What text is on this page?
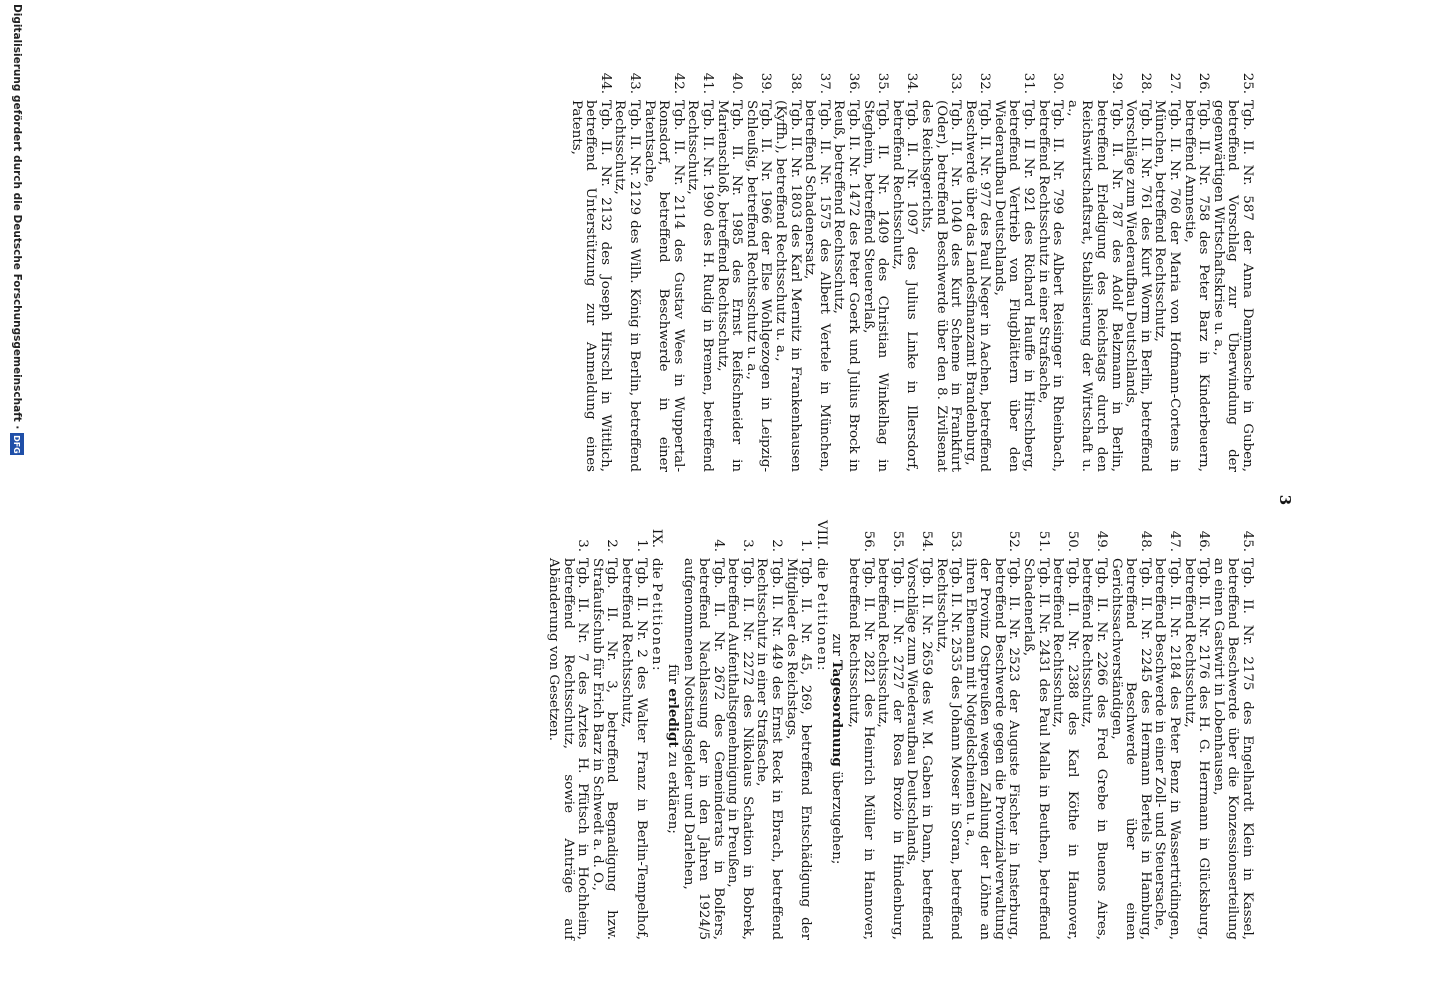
3
25.
Tgb. II. Nr. 587 der Anna Dammasche in Guben, betreffend Vorschlag zur Überwindung der gegenwärtigen Wirtschaftskrise u. a.,
26.
Tgb. II. Nr. 758 des Peter Barz in Kinderbeuern, betreffend Amnestie,
27.
Tgb. II. Nr. 760 der Maria von Hofmann-Cortens in München, betreffend Rechtsschutz,
28.
Tgb. II. Nr. 761 des Kurt Worm in Berlin, betreffend Vorschläge zum Wiederaufbau Deutschlands,
29.
Tgb. II. Nr. 787 des Adolf Belzmann in Berlin, betreffend Erledigung des Reichstags durch den Reichswirtschaftsrat, Stabilisierung der Wirtschaft u. a.,
30.
Tgb. II. Nr. 799 des Albert Reisinger in Rheinbach, betreffend Rechtsschutz in einer Strafsache,
31.
Tgb. II Nr. 921 des Richard Hauffe in Hirschberg, betreffend Vertrieb von Flugblättern über den Wiederaufbau Deutschlands,
32.
Tgb. II. Nr. 977 des Paul Neger in Aachen, betreffend Beschwerde über das Landesfinanzamt Brandenburg,
33.
Tgb. II. Nr. 1040 des Kurt Scheme in Frankfurt (Oder), betreffend Beschwerde über den 8. Zivilsenat des Reichsgerichts,
34.
Tgb. II. Nr. 1097 des Julius Linke in Illersdorf, betreffend Rechtsschutz,
35.
Tgb. II. Nr. 1409 des Christian Winkelhag in Stegheim, betreffend Steuererlaß,
36.
Tgb. II. Nr. 1472 des Peter Goerk und Julius Brock in Reuß, betreffend Rechtsschutz,
37.
Tgb. II. Nr. 1575 des Albert Vertele in München, betreffend Schadenersatz,
38.
Tgb. II. Nr. 1803 des Karl Mernitz in Frankenhausen (Kyffh.), betreffend Rechtsschutz u. a.,
39.
Tgb. II. Nr. 1966 der Else Wohlgezogen in Leipzig-Schleußig, betreffend Rechtsschutz u. a.,
40.
Tgb. II. Nr. 1985 des Ernst Reifschneider in Marienschloß, betreffend Rechtsschutz,
41.
Tgb. II. Nr. 1990 des H. Rudig in Bremen, betreffend Rechtsschutz,
42.
Tgb. II. Nr. 2114 des Gustav Wees in Wuppertal-Ronsdorf, betreffend Beschwerde in einer Patentsache,
43.
Tgb. II. Nr. 2129 des Wilh. König in Berlin, betreffend Rechtsschutz,
44.
Tgb. II. Nr. 2132 des Joseph Hirschl in Wittlich, betreffend Unterstützung zur Anmeldung eines Patents,
45.
Tgb. II. Nr. 2175 des Engelhardt Klein in Kassel, betreffend Beschwerde über die Konzessionserteilung an einen Gastwirt in Lobenhausen,
46.
Tgb. II. Nr. 2176 des H. G. Herrmann in Glücksburg, betreffend Rechtsschutz,
47.
Tgb. II. Nr. 2184 des Peter Benz in Wassertrüdingen, betreffend Beschwerde in einer Zoll- und Steuersache,
48.
Tgb. II. Nr. 2245 des Hermann Bertels in Hamburg, betreffend Beschwerde über einen Gerichtssachverständigen,
49.
Tgb. II. Nr. 2266 des Fred Grebe in Buenos Aires, betreffend Rechtsschutz,
50.
Tgb. II. Nr. 2388 des Karl Köthe in Hannover, betreffend Rechtsschutz,
51.
Tgb. II. Nr. 2431 des Paul Malla in Beuthen, betreffend Schadenerlaß,
52.
Tgb. II. Nr. 2523 der Auguste Fischer in Insterburg, betreffend Beschwerde gegen die Provinzialverwaltung der Provinz Ostpreußen wegen Zahlung der Löhne an ihren Ehemann mit Notgeldscheinen u. a.,
53.
Tgb. II. Nr. 2535 des Johann Moser in Soran, betreffend Rechtsschutz,
54.
Tgb. II. Nr. 2659 des W. M. Gaben in Dann, betreffend Vorschläge zum Wiederaufbau Deutschlands,
55.
Tgb. II. Nr. 2727 der Rosa Brozio in Hindenburg, betreffend Rechtsschutz,
56.
Tgb. II. Nr. 2821 des Heinrich Müller in Hannover, betreffend Rechtsschutz,
zur Tagesordnung überzugehen;
VIII.
die Petitionen:
1.
Tgb. II. Nr. 45, 269, betreffend Entschädigung der Mitglieder des Reichstags,
2.
Tgb. II. Nr. 449 des Ernst Reck in Ebrach, betreffend Rechtsschutz in einer Strafsache,
3.
Tgb. II. Nr. 2272 des Nikolaus Schation in Bobrek, betreffend Aufenthaltsgenehmigung in Preußen,
4.
Tgb. II. Nr. 2672 des Gemeinderats in Bolfers, betreffend Nachlassung der in den Jahren 1924/5 aufgenommenen Notstandsgelder und Darlehen,
für erledigt zu erklären;
IX.
die Petitionen:
1.
Tgb. II. Nr. 2 des Walter Franz in Berlin-Tempelhof, betreffend Rechtsschutz,
2.
Tgb. II. Nr. 3, betreffend Begnadigung hzw. Strafaufschub für Erich Barz in Schwedt a. d. O.,
3.
Tgb. II. Nr. 7 des Arztes H. Pfütsch in Hochheim, betreffend Rechtsschutz, sowie Anträge auf Abänderung von Gesetzen.
Digitalisierung gefördert durch die Deutsche Forschungsgemeinschaft ·
DFG
